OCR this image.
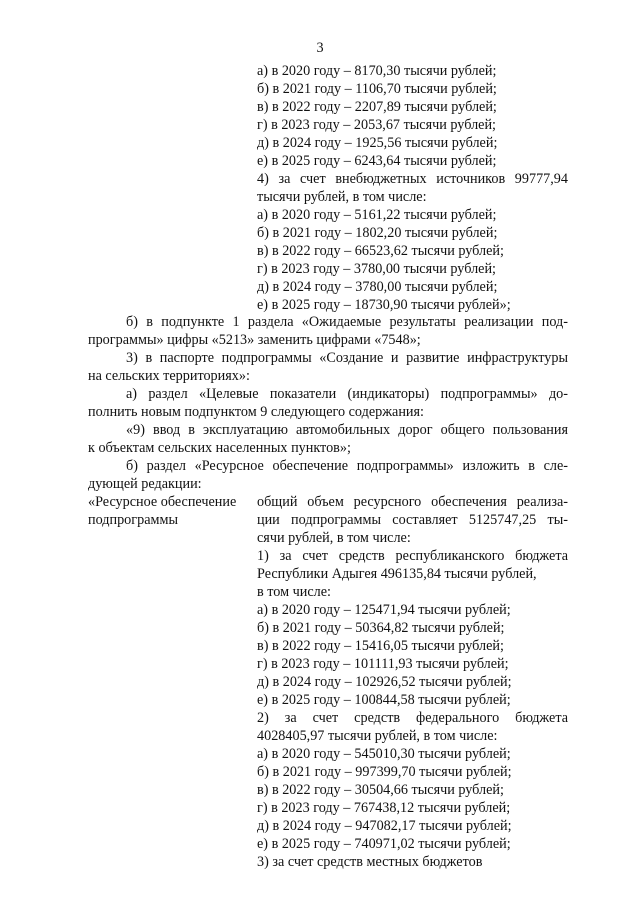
3
а) в 2020 году – 8170,30 тысячи рублей;
б) в 2021 году – 1106,70 тысячи рублей;
в) в 2022 году – 2207,89 тысячи рублей;
г) в 2023 году – 2053,67 тысячи рублей;
д) в 2024 году – 1925,56 тысячи рублей;
е) в 2025 году – 6243,64 тысячи рублей;
4) за счет внебюджетных источников 99777,94
тысячи рублей, в том числе:
а) в 2020 году – 5161,22 тысячи рублей;
б) в 2021 году – 1802,20 тысячи рублей;
в) в 2022 году – 66523,62 тысячи рублей;
г) в 2023 году – 3780,00 тысячи рублей;
д) в 2024 году – 3780,00 тысячи рублей;
е) в 2025 году – 18730,90 тысячи рублей»;
б) в подпункте 1 раздела «Ожидаемые результаты реализации под-
программы» цифры «5213» заменить цифрами «7548»;
3) в паспорте подпрограммы «Создание и развитие инфраструктуры
на сельских территориях»:
а) раздел «Целевые показатели (индикаторы) подпрограммы» до-
полнить новым подпунктом 9 следующего содержания:
«9) ввод в эксплуатацию автомобильных дорог общего пользования
к объектам сельских населенных пунктов»;
б) раздел «Ресурсное обеспечение подпрограммы» изложить в сле-
дующей редакции:
«Ресурсное обеспечение
подпрограммы
общий объем ресурсного обеспечения реализа-
ции подпрограммы составляет 5125747,25 ты-
сячи рублей, в том числе:
1) за счет средств республиканского бюджета
Республики Адыгея 496135,84 тысячи рублей,
в том числе:
а) в 2020 году – 125471,94 тысячи рублей;
б) в 2021 году – 50364,82 тысячи рублей;
в) в 2022 году – 15416,05 тысячи рублей;
г) в 2023 году – 101111,93 тысячи рублей;
д) в 2024 году – 102926,52 тысячи рублей;
е) в 2025 году – 100844,58 тысячи рублей;
2) за счет средств федерального бюджета
4028405,97 тысячи рублей, в том числе:
а) в 2020 году – 545010,30 тысячи рублей;
б) в 2021 году – 997399,70 тысячи рублей;
в) в 2022 году – 30504,66 тысячи рублей;
г) в 2023 году – 767438,12 тысячи рублей;
д) в 2024 году – 947082,17 тысячи рублей;
е) в 2025 году – 740971,02 тысячи рублей;
3) за счет средств местных бюджетов
